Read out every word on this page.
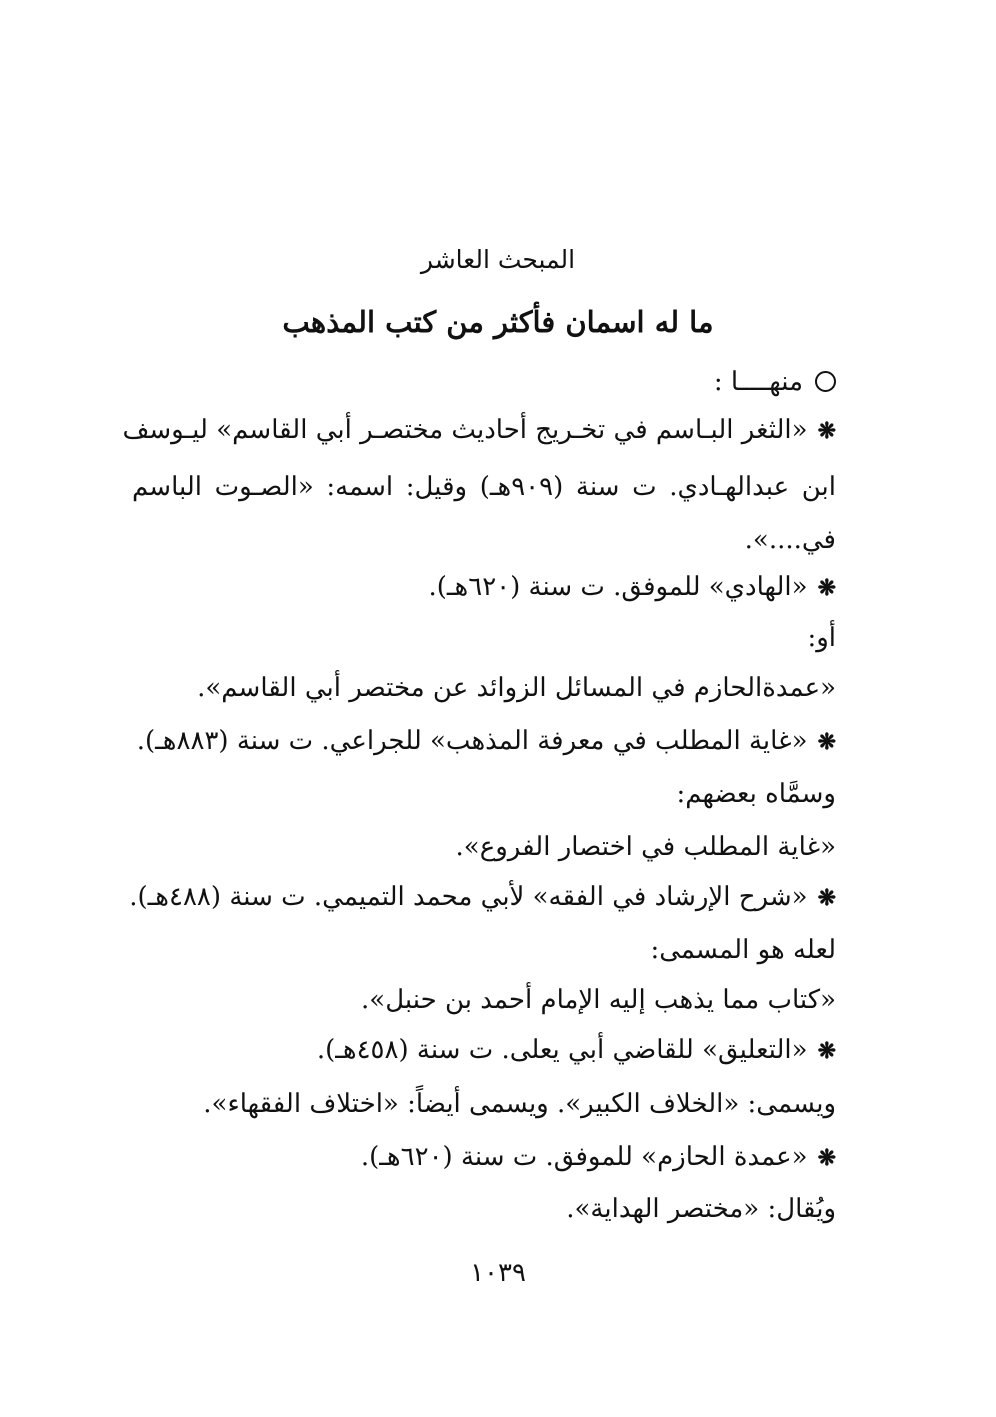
المبحث العاشر
ما له اسمان فأكثر من كتب المذهب
منهــــا :
❋«الثغر البـاسم في تخـريج أحاديث مختصـر أبي القاسم» ليـوسف
ابن عبدالهـادي. ت سنة (٩٠٩هـ) وقيل: اسمه: «الصـوت الباسم
في....».
❋«الهادي» للموفق. ت سنة (٦٢٠هـ).
أو:
«عمدةالحازم في المسائل الزوائد عن مختصر أبي القاسم».
❋«غاية المطلب في معرفة المذهب» للجراعي. ت سنة (٨٨٣هـ).
وسمَّاه بعضهم:
«غاية المطلب في اختصار الفروع».
❋«شرح الإرشاد في الفقه» لأبي محمد التميمي. ت سنة (٤٨٨هـ).
لعله هو المسمى:
«كتاب مما يذهب إليه الإمام أحمد بن حنبل».
❋«التعليق» للقاضي أبي يعلى. ت سنة (٤٥٨هـ).
ويسمى: «الخلاف الكبير». ويسمى أيضاً: «اختلاف الفقهاء».
❋«عمدة الحازم» للموفق. ت سنة (٦٢٠هـ).
ويُقال: «مختصر الهداية».
١٠٣٩
